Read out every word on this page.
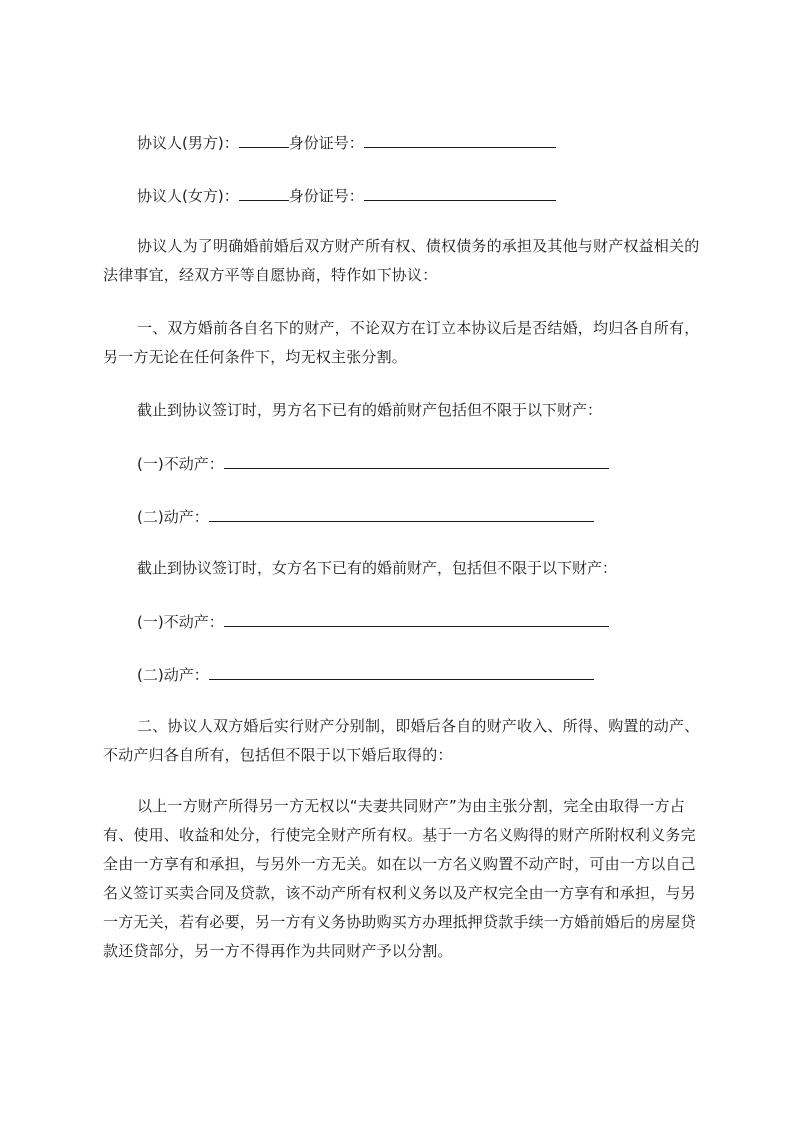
协议人(男方)：	身份证号：
协议人(女方)：	身份证号：
协议人为了明确婚前婚后双方财产所有权、债权债务的承担及其他与财产权益相关的法律事宜，经双方平等自愿协商，特作如下协议：
一、双方婚前各自名下的财产，不论双方在订立本协议后是否结婚，均归各自所有，另一方无论在任何条件下，均无权主张分割。
截止到协议签订时，男方名下已有的婚前财产包括但不限于以下财产：
(一)不动产：
(二)动产：
截止到协议签订时，女方名下已有的婚前财产，包括但不限于以下财产：
(一)不动产：
(二)动产：
二、协议人双方婚后实行财产分别制，即婚后各自的财产收入、所得、购置的动产、不动产归各自所有，包括但不限于以下婚后取得的：
以上一方财产所得另一方无权以“夫妻共同财产”为由主张分割，完全由取得一方占有、使用、收益和处分，行使完全财产所有权。基于一方名义购得的财产所附权利义务完全由一方享有和承担，与另外一方无关。如在以一方名义购置不动产时，可由一方以自己名义签订买卖合同及贷款，该不动产所有权利义务以及产权完全由一方享有和承担，与另一方无关，若有必要，另一方有义务协助购买方办理抵押贷款手续一方婚前婚后的房屋贷款还贷部分，另一方不得再作为共同财产予以分割。
